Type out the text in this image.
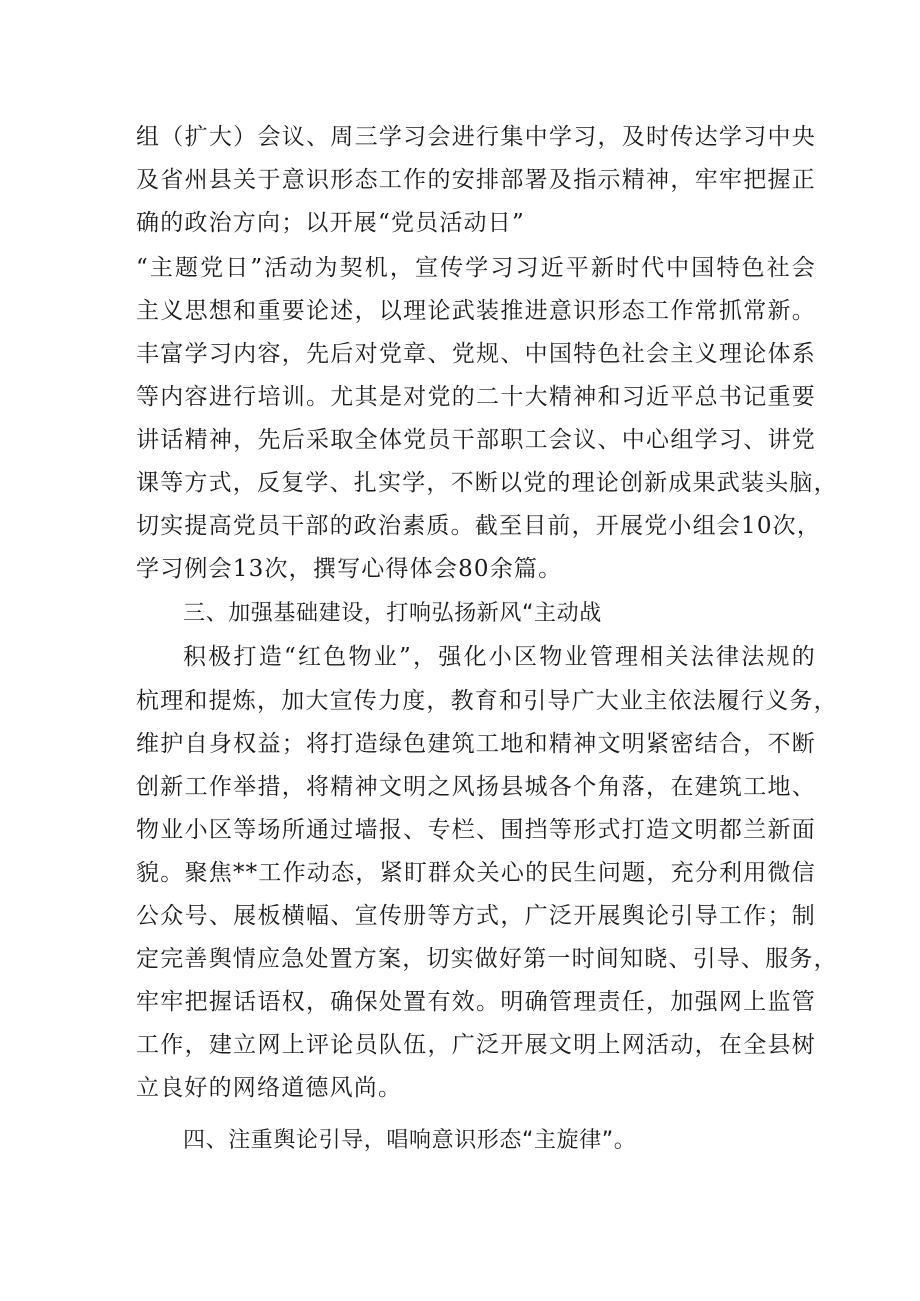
组（扩大）会议、周三学习会进行集中学习，及时传达学习中央
及省州县关于意识形态工作的安排部署及指示精神，牢牢把握正
确的政治方向；以开展“党员活动日”
“主题党日”活动为契机，宣传学习习近平新时代中国特色社会
主义思想和重要论述，以理论武装推进意识形态工作常抓常新。
丰富学习内容，先后对党章、党规、中国特色社会主义理论体系
等内容进行培训。尤其是对党的二十大精神和习近平总书记重要
讲话精神，先后采取全体党员干部职工会议、中心组学习、讲党
课等方式，反复学、扎实学，不断以党的理论创新成果武装头脑，
切实提高党员干部的政治素质。截至目前，开展党小组会10次，
学习例会13次，撰写心得体会80余篇。
三、加强基础建设，打响弘扬新风“主动战
积极打造“红色物业”，强化小区物业管理相关法律法规的
杭理和提炼，加大宣传力度，教育和引导广大业主依法履行义务，
维护自身权益；将打造绿色建筑工地和精神文明紧密结合，不断
创新工作举措，将精神文明之风扬县城各个角落，在建筑工地、
物业小区等场所通过墙报、专栏、围挡等形式打造文明都兰新面
貌。聚焦**工作动态，紧盯群众关心的民生问题，充分利用微信
公众号、展板横幅、宣传册等方式，广泛开展舆论引导工作；制
定完善舆情应急处置方案，切实做好第一时间知晓、引导、服务，
牢牢把握话语权，确保处置有效。明确管理责任，加强网上监管
工作，建立网上评论员队伍，广泛开展文明上网活动，在全县树
立良好的网络道德风尚。
四、注重舆论引导，唱响意识形态“主旋律”。
